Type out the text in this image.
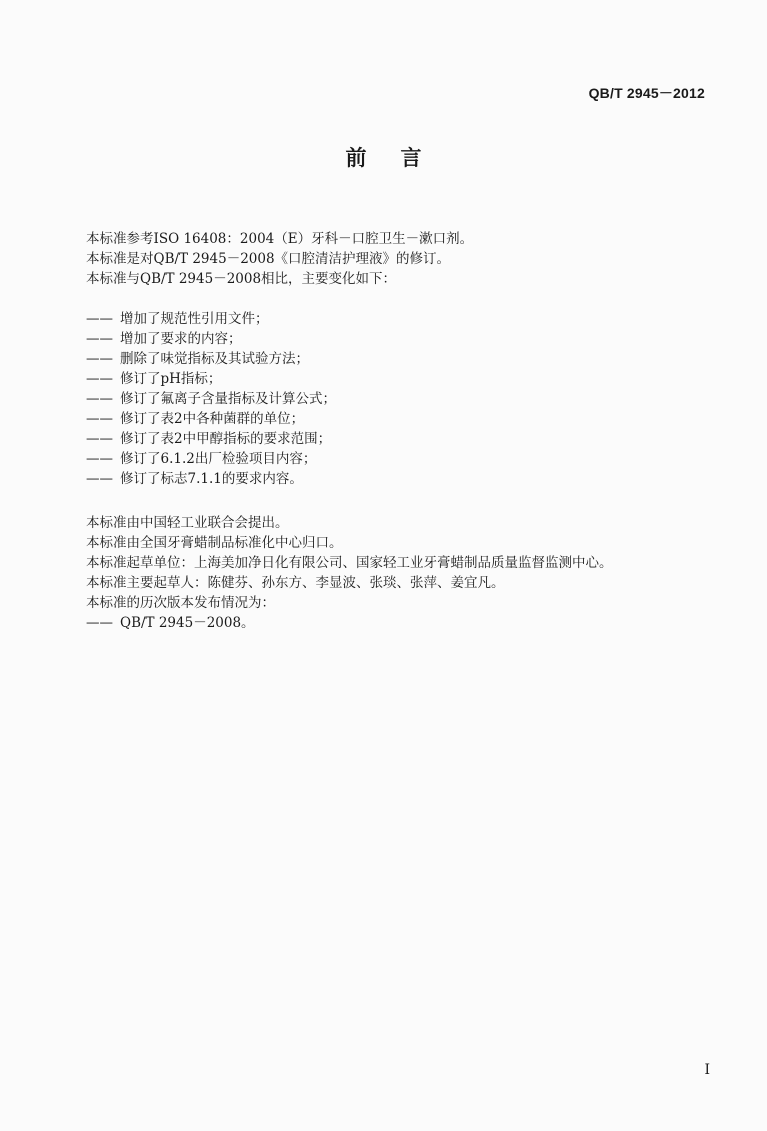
QB/T 2945－2012
前言
本标准参考ISO 16408：2004（E）牙科－口腔卫生－漱口剂。
本标准是对QB/T 2945－2008《口腔清洁护理液》的修订。
本标准与QB/T 2945－2008相比，主要变化如下：
—— 增加了规范性引用文件；
—— 增加了要求的内容；
—— 删除了味觉指标及其试验方法；
—— 修订了pH指标；
—— 修订了氟离子含量指标及计算公式；
—— 修订了表2中各种菌群的单位；
—— 修订了表2中甲醇指标的要求范围；
—— 修订了6.1.2出厂检验项目内容；
—— 修订了标志7.1.1的要求内容。
本标准由中国轻工业联合会提出。
本标准由全国牙膏蜡制品标准化中心归口。
本标准起草单位：上海美加净日化有限公司、国家轻工业牙膏蜡制品质量监督监测中心。
本标准主要起草人：陈健芬、孙东方、李显波、张琰、张萍、姜宜凡。
本标准的历次版本发布情况为：
—— QB/T 2945－2008。
I
